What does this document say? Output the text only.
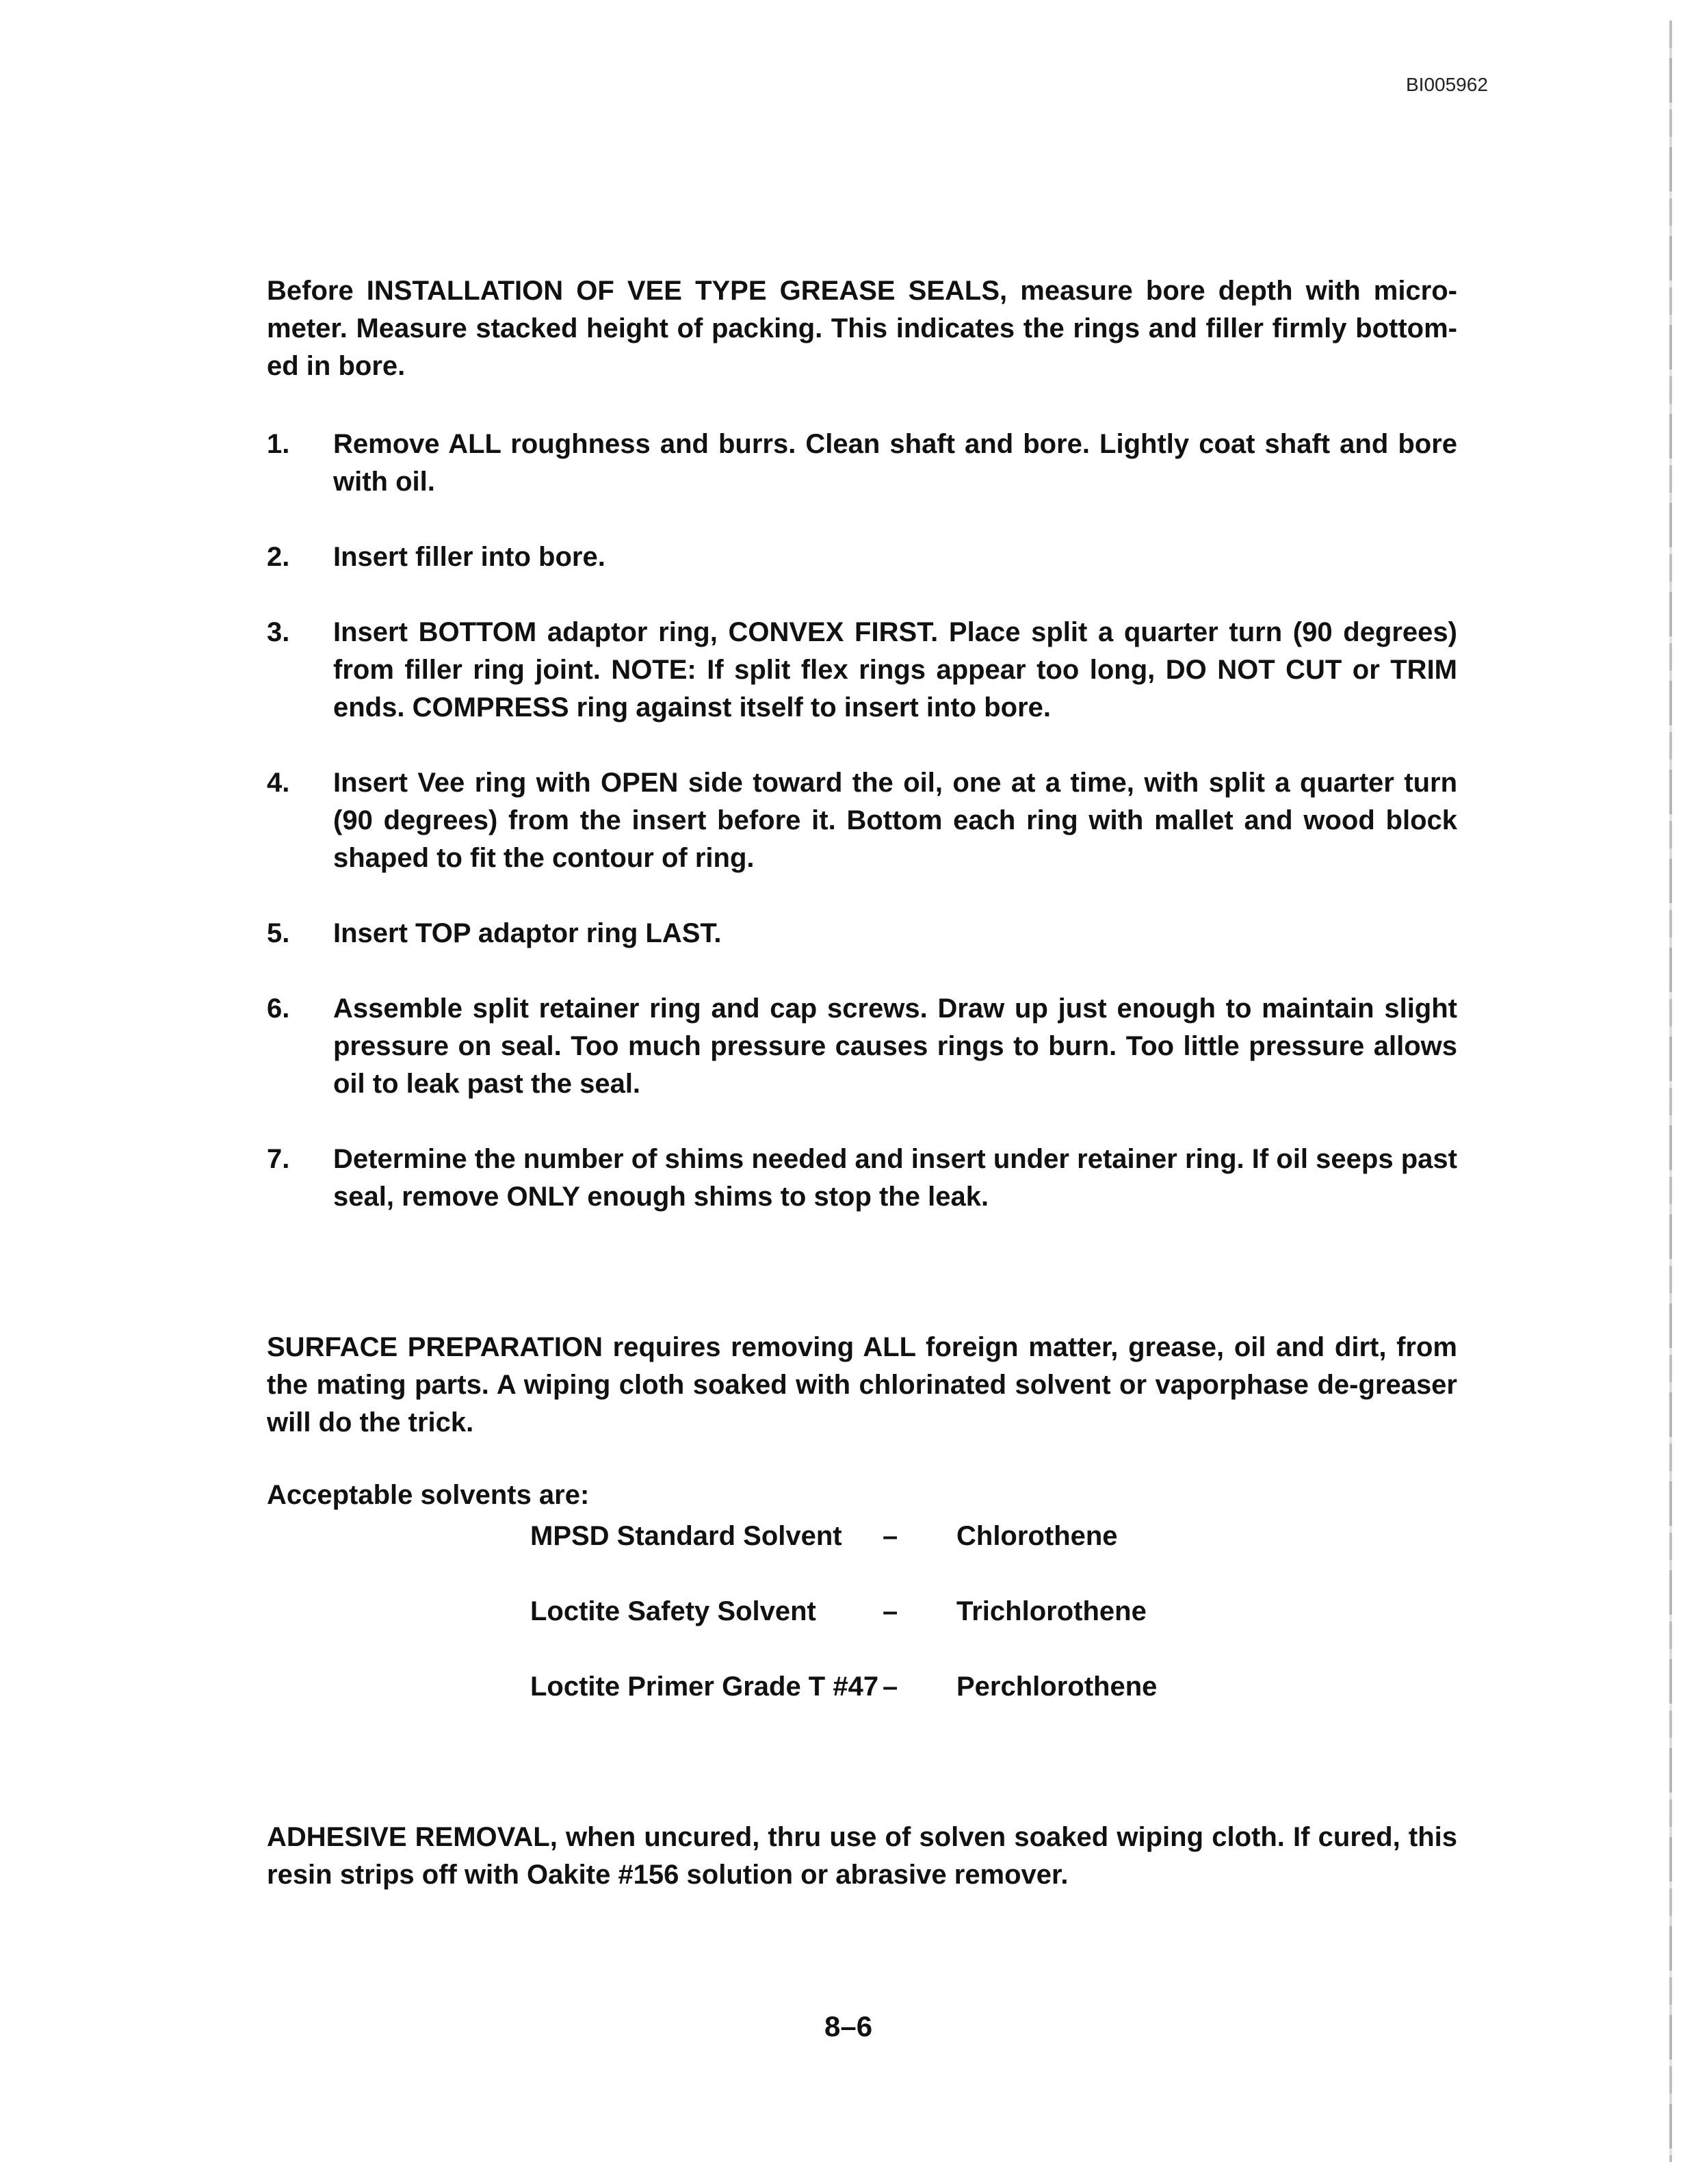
BI005962
Before INSTALLATION OF VEE TYPE GREASE SEALS, measure bore depth with micro-meter. Measure stacked height of packing. This indicates the rings and filler firmly bottom-ed in bore.
1. Remove ALL roughness and burrs. Clean shaft and bore. Lightly coat shaft and bore with oil.
2. Insert filler into bore.
3. Insert BOTTOM adaptor ring, CONVEX FIRST. Place split a quarter turn (90 degrees) from filler ring joint. NOTE: If split flex rings appear too long, DO NOT CUT or TRIM ends. COMPRESS ring against itself to insert into bore.
4. Insert Vee ring with OPEN side toward the oil, one at a time, with split a quarter turn (90 degrees) from the insert before it. Bottom each ring with mallet and wood block shaped to fit the contour of ring.
5. Insert TOP adaptor ring LAST.
6. Assemble split retainer ring and cap screws. Draw up just enough to maintain slight pressure on seal. Too much pressure causes rings to burn. Too little pressure allows oil to leak past the seal.
7. Determine the number of shims needed and insert under retainer ring. If oil seeps past seal, remove ONLY enough shims to stop the leak.
SURFACE PREPARATION requires removing ALL foreign matter, grease, oil and dirt, from the mating parts. A wiping cloth soaked with chlorinated solvent or vaporphase de-greaser will do the trick.
Acceptable solvents are:
MPSD Standard Solvent – Chlorothene
Loctite Safety Solvent – Trichlorothene
Loctite Primer Grade T #47 – Perchlorothene
ADHESIVE REMOVAL, when uncured, thru use of solven soaked wiping cloth. If cured, this resin strips off with Oakite #156 solution or abrasive remover.
8–6
